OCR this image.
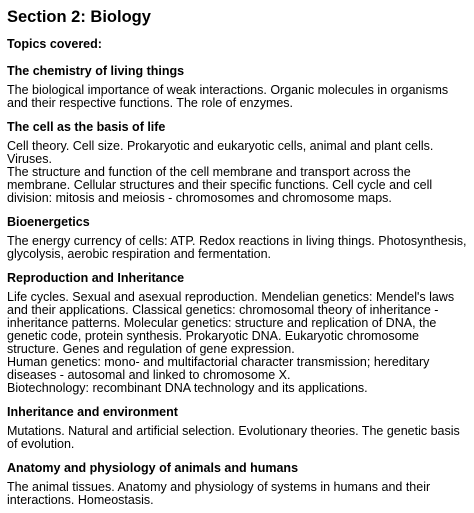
Section 2: Biology
Topics covered:
The chemistry of living things

The biological importance of weak interactions. Organic molecules in organisms and their respective functions. The role of enzymes.

The cell as the basis of life

Cell theory. Cell size. Prokaryotic and eukaryotic cells, animal and plant cells.

Viruses.

The structure and function of the cell membrane and transport across the membrane. Cellular structures and their specific functions. Cell cycle and cell division: mitosis and meiosis - chromosomes and chromosome maps.

Bioenergetics

The energy currency of cells: ATP. Redox reactions in living things. Photosynthesis, glycolysis, aerobic respiration and fermentation.

Reproduction and Inheritance

Life cycles. Sexual and asexual reproduction. Mendelian genetics: Mendel's laws and their applications. Classical genetics: chromosomal theory of inheritance - inheritance patterns. Molecular genetics: structure and replication of DNA, the genetic code, protein synthesis. Prokaryotic DNA. Eukaryotic chromosome structure. Genes and regulation of gene expression.

Human genetics: mono- and multifactorial character transmission; hereditary diseases - autosomal and linked to chromosome X.

Biotechnology: recombinant DNA technology and its applications.

Inheritance and environment

Mutations. Natural and artificial selection. Evolutionary theories. The genetic basis of evolution.

Anatomy and physiology of animals and humans

The animal tissues. Anatomy and physiology of systems in humans and their interactions. Homeostasis.
